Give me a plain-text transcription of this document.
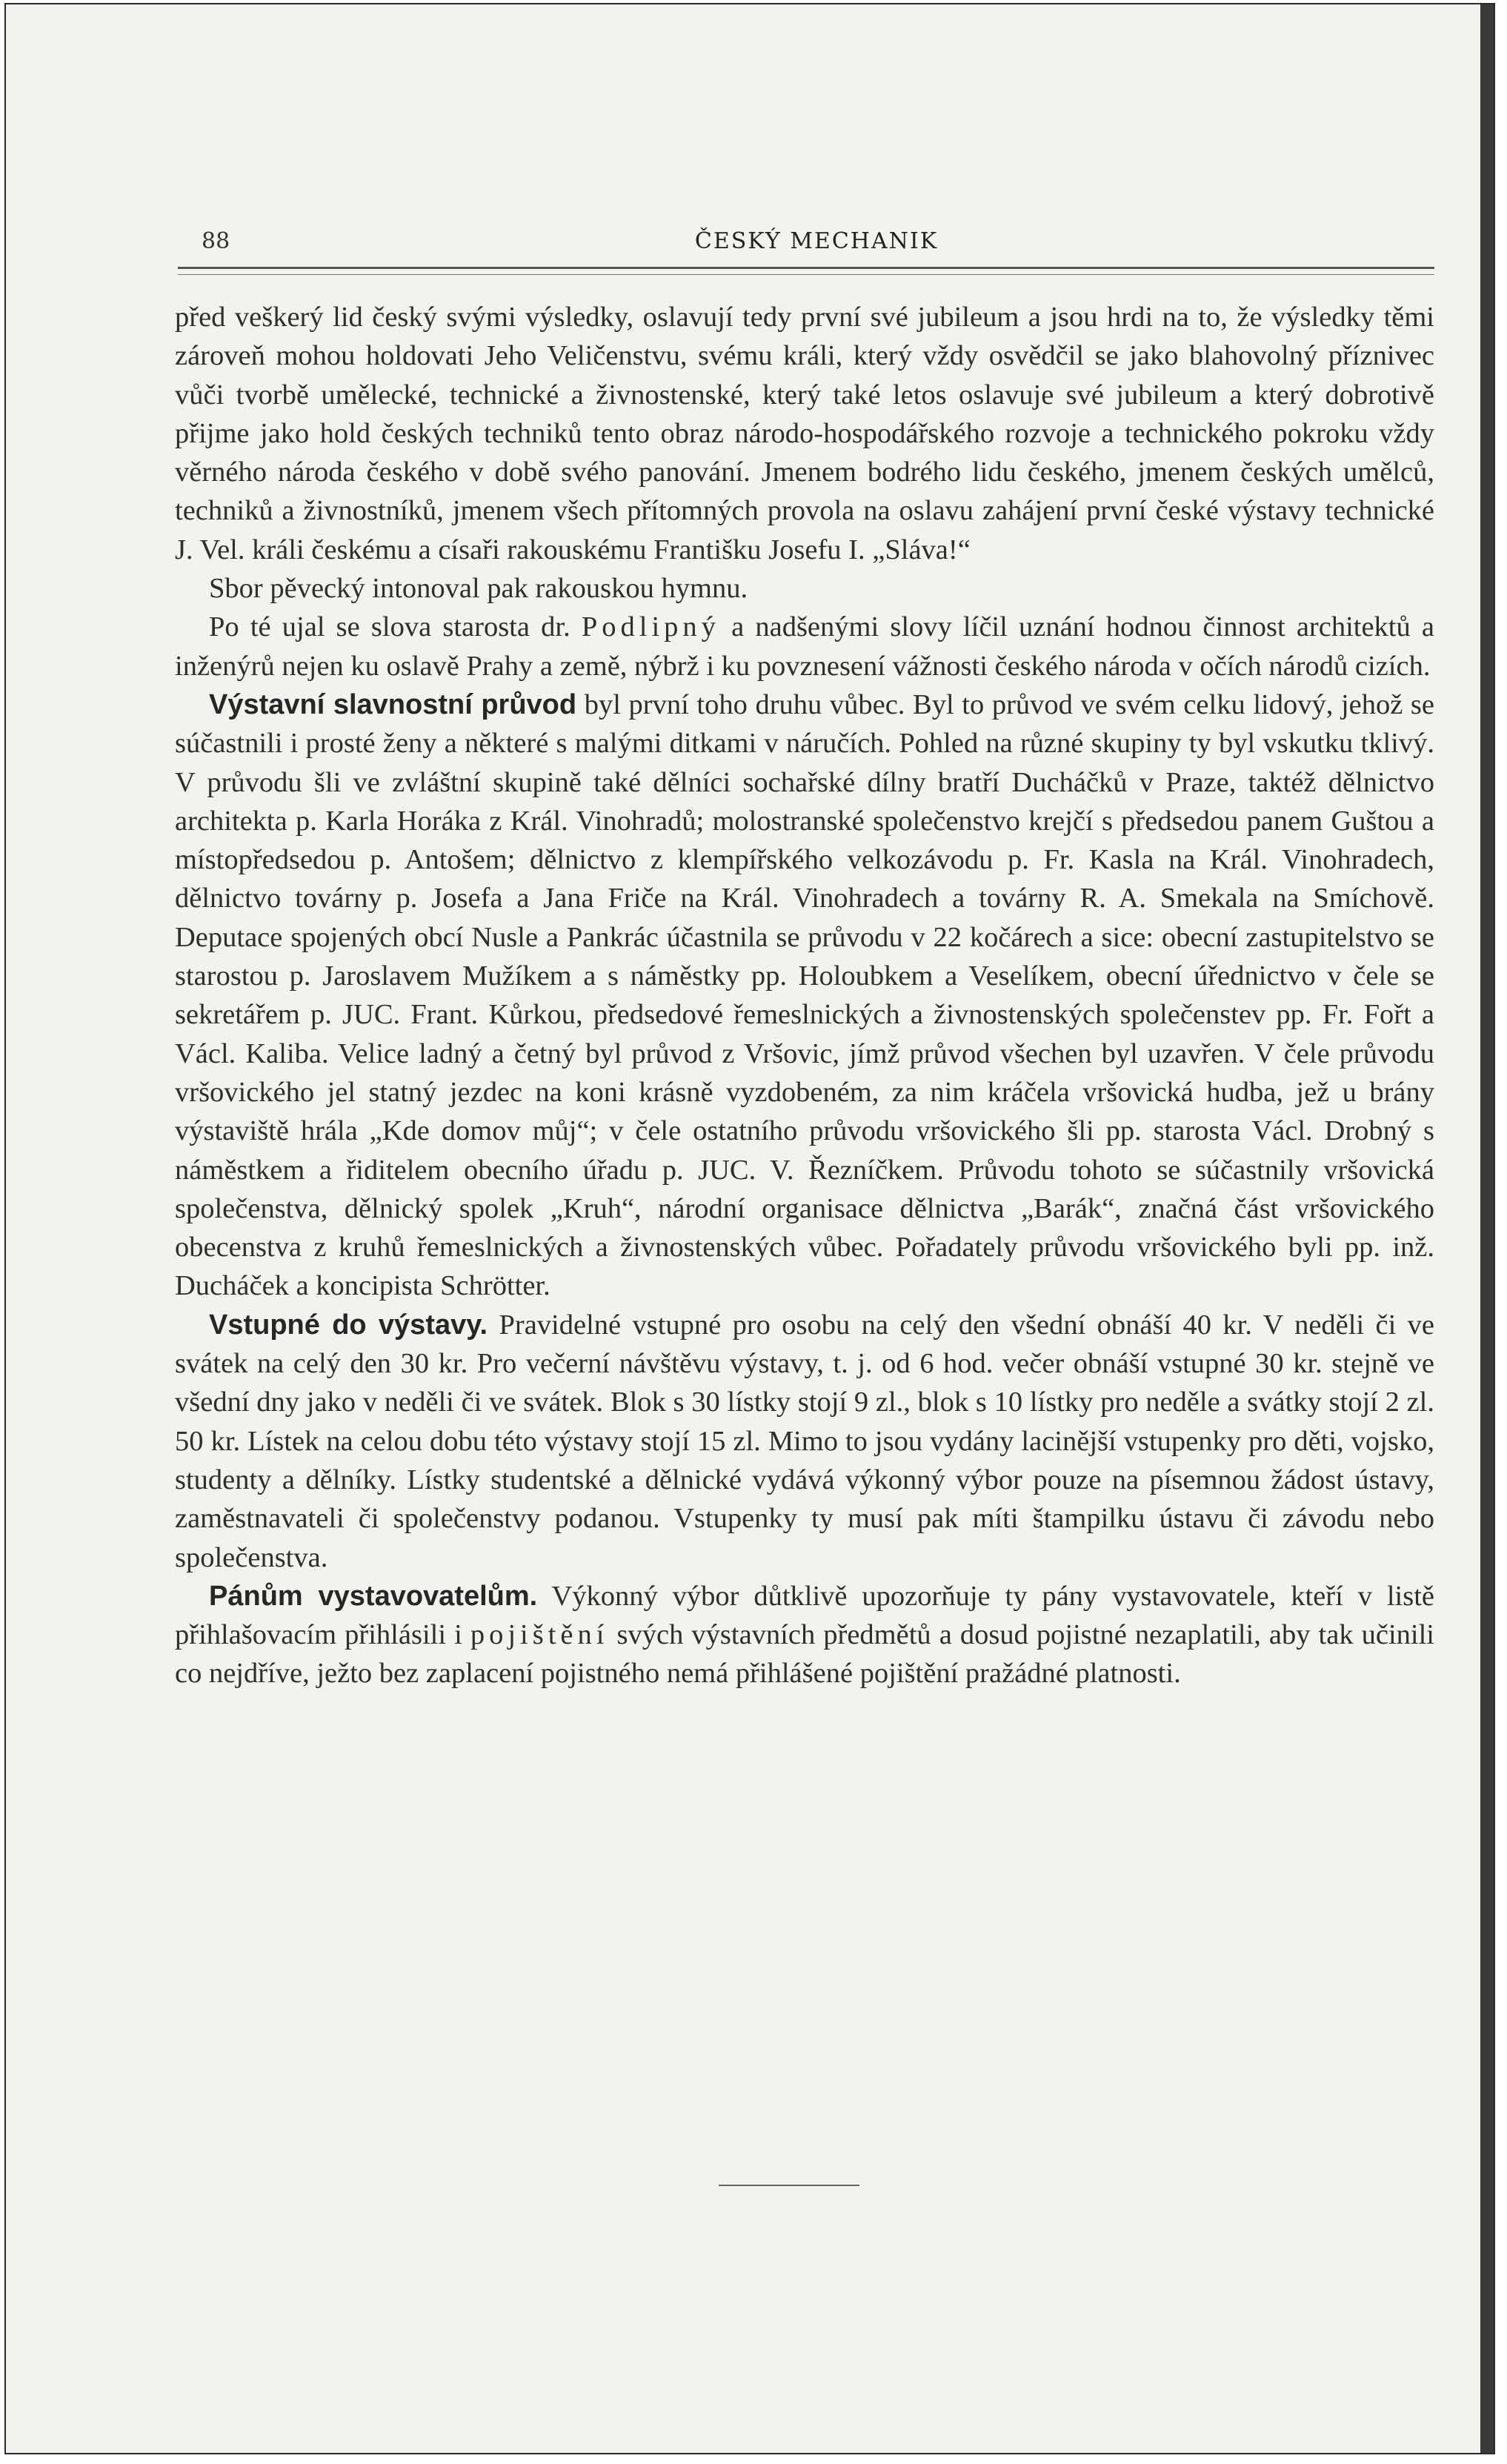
88	ČESKÝ MECHANIK

před veškerý lid český svými výsledky, oslavují tedy první své jubileum a jsou hrdi na to, že výsledky těmi zároveň mohou holdovati Jeho Veličenstvu, svému králi, který vždy osvědčil se jako blahovolný příznivec vůči tvorbě umělecké, technické a živnostenské, který také letos oslavuje své jubileum a který dobrotivě přijme jako hold českých techniků tento obraz národo-hospodářského rozvoje a technického pokroku vždy věrného národa českého v době svého panování. Jmenem bodrého lidu českého, jmenem českých umělců, techniků a živnostníků, jmenem všech přítomných provola na oslavu zahájení první české výstavy technické J. Vel. králi českému a císaři rakouskému Františku Josefu I. „Sláva!“

Sbor pěvecký intonoval pak rakouskou hymnu.

Po té ujal se slova starosta dr. Podlipný a nadšenými slovy líčil uznání hodnou činnost architektů a inženýrů nejen ku oslavě Prahy a země, nýbrž i ku povznesení vážnosti českého národa v očích národů cizích.

Výstavní slavnostní průvod byl první toho druhu vůbec. Byl to průvod ve svém celku lidový, jehož se súčastnili i prosté ženy a některé s malými ditkami v náručích. Pohled na různé skupiny ty byl vskutku tklivý. V průvodu šli ve zvláštní skupině také dělníci sochařské dílny bratří Ducháčků v Praze, taktéž dělnictvo architekta p. Karla Horáka z Král. Vinohradů; molostranské společenstvo krejčí s předsedou panem Guštou a místopředsedou p. Antošem; dělnictvo z klempířského velkozávodu p. Fr. Kasla na Král. Vinohradech, dělnictvo továrny p. Josefa a Jana Friče na Král. Vinohradech a továrny R. A. Smekala na Smíchově. Deputace spojených obcí Nusle a Pankrác účastnila se průvodu v 22 kočárech a sice: obecní zastupitelstvo se starostou p. Jaroslavem Mužíkem a s náměstky pp. Holoubkem a Veselíkem, obecní úřednictvo v čele se sekretářem p. JUC. Frant. Kůrkou, předsedové řemeslnických a živnostenských společenstev pp. Fr. Fořt a Václ. Kaliba. Velice ladný a četný byl průvod z Vršovic, jímž průvod všechen byl uzavřen. V čele průvodu vršovického jel statný jezdec na koni krásně vyzdobeném, za nim kráčela vršovická hudba, jež u brány výstaviště hrála „Kde domov můj“; v čele ostatního průvodu vršovického šli pp. starosta Václ. Drobný s náměstkem a řiditelem obecního úřadu p. JUC. V. Řezníčkem. Průvodu tohoto se súčastnily vršovická společenstva, dělnický spolek „Kruh“, národní organisace dělnictva „Barák“, značná část vršovického obecenstva z kruhů řemeslnických a živnostenských vůbec. Pořadately průvodu vršovického byli pp. inž. Ducháček a koncipista Schrötter.

Vstupné do výstavy. Pravidelné vstupné pro osobu na celý den všední obnáší 40 kr. V neděli či ve svátek na celý den 30 kr. Pro večerní návštěvu výstavy, t. j. od 6 hod. večer obnáší vstupné 30 kr. stejně ve všední dny jako v neděli či ve svátek. Blok s 30 lístky stojí 9 zl., blok s 10 lístky pro neděle a svátky stojí 2 zl. 50 kr. Lístek na celou dobu této výstavy stojí 15 zl. Mimo to jsou vydány lacinější vstupenky pro děti, vojsko, studenty a dělníky. Lístky studentské a dělnické vydává výkonný výbor pouze na písemnou žádost ústavy, zaměstnavateli či společenstvy podanou. Vstupenky ty musí pak míti štampilku ústavu či závodu nebo společenstva.

Pánům vystavovatelům. Výkonný výbor důtklivě upozorňuje ty pány vystavovatele, kteří v listě přihlašovacím přihlásili i pojištění svých výstavních předmětů a dosud pojistné nezaplatili, aby tak učinili co nejdříve, ježto bez zaplacení pojistného nemá přihlášené pojištění pražádné platnosti.
